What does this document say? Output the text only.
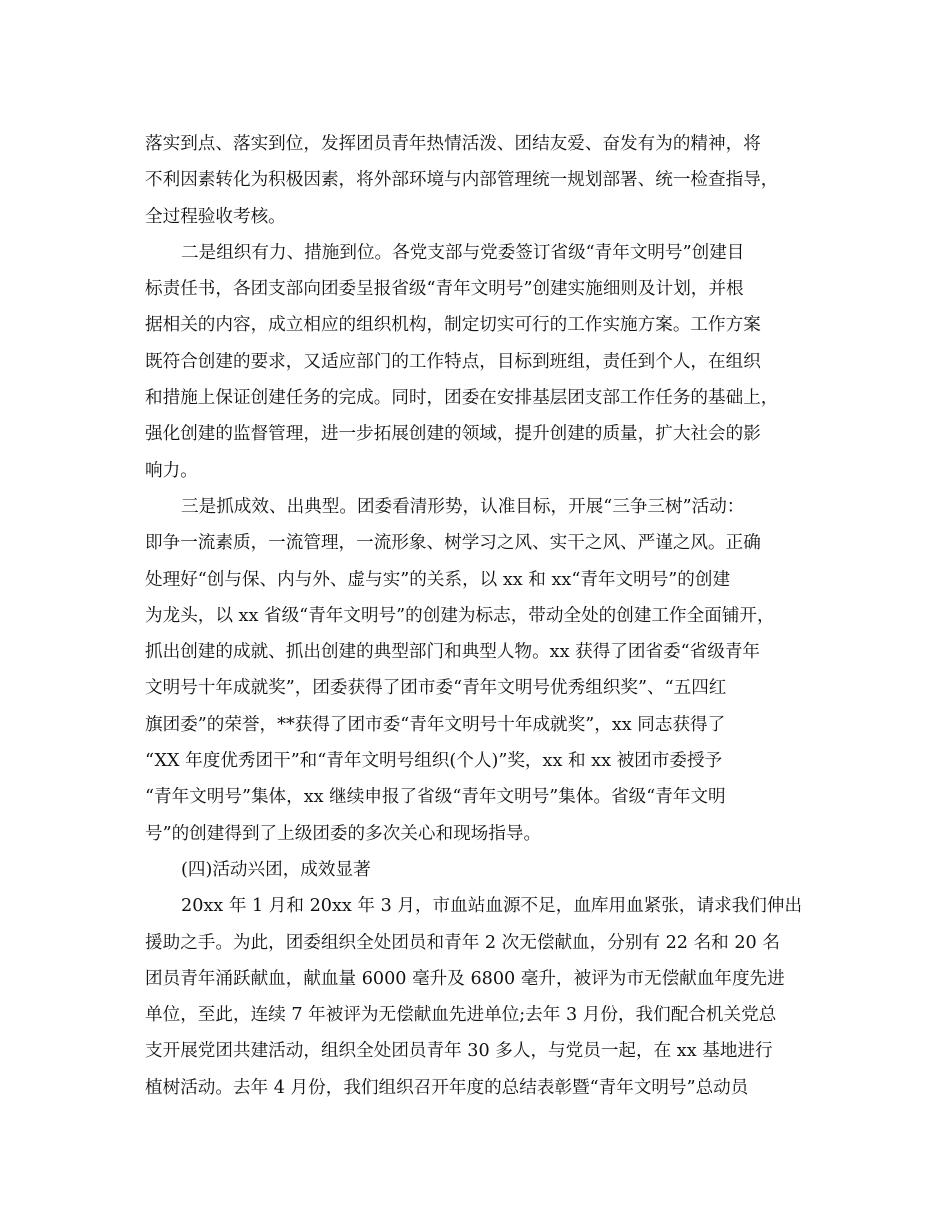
落实到点、落实到位，发挥团员青年热情活泼、团结友爱、奋发有为的精神，将
不利因素转化为积极因素，将外部环境与内部管理统一规划部署、统一检查指导，
全过程验收考核。
二是组织有力、措施到位。各党支部与党委签订省级“青年文明号”创建目
标责任书，各团支部向团委呈报省级“青年文明号”创建实施细则及计划，并根
据相关的内容，成立相应的组织机构，制定切实可行的工作实施方案。工作方案
既符合创建的要求，又适应部门的工作特点，目标到班组，责任到个人，在组织
和措施上保证创建任务的完成。同时，团委在安排基层团支部工作任务的基础上，
强化创建的监督管理，进一步拓展创建的领域，提升创建的质量，扩大社会的影
响力。
三是抓成效、出典型。团委看清形势，认准目标，开展“三争三树”活动：
即争一流素质，一流管理，一流形象、树学习之风、实干之风、严谨之风。正确
处理好“创与保、内与外、虚与实”的关系，以 xx 和 xx“青年文明号”的创建
为龙头，以 xx 省级“青年文明号”的创建为标志，带动全处的创建工作全面铺开，
抓出创建的成就、抓出创建的典型部门和典型人物。xx 获得了团省委“省级青年
文明号十年成就奖”，团委获得了团市委“青年文明号优秀组织奖”、“五四红
旗团委”的荣誉，**获得了团市委“青年文明号十年成就奖”，xx 同志获得了
“XX 年度优秀团干”和“青年文明号组织(个人)”奖，xx 和 xx 被团市委授予
“青年文明号”集体，xx 继续申报了省级“青年文明号”集体。省级“青年文明
号”的创建得到了上级团委的多次关心和现场指导。
(四)活动兴团，成效显著
20xx 年 1 月和 20xx 年 3 月，市血站血源不足，血库用血紧张，请求我们伸出
援助之手。为此，团委组织全处团员和青年 2 次无偿献血，分别有 22 名和 20 名
团员青年涌跃献血，献血量 6000 毫升及 6800 毫升，被评为市无偿献血年度先进
单位，至此，连续 7 年被评为无偿献血先进单位;去年 3 月份，我们配合机关党总
支开展党团共建活动，组织全处团员青年 30 多人，与党员一起，在 xx 基地进行
植树活动。去年 4 月份，我们组织召开年度的总结表彰暨“青年文明号”总动员
